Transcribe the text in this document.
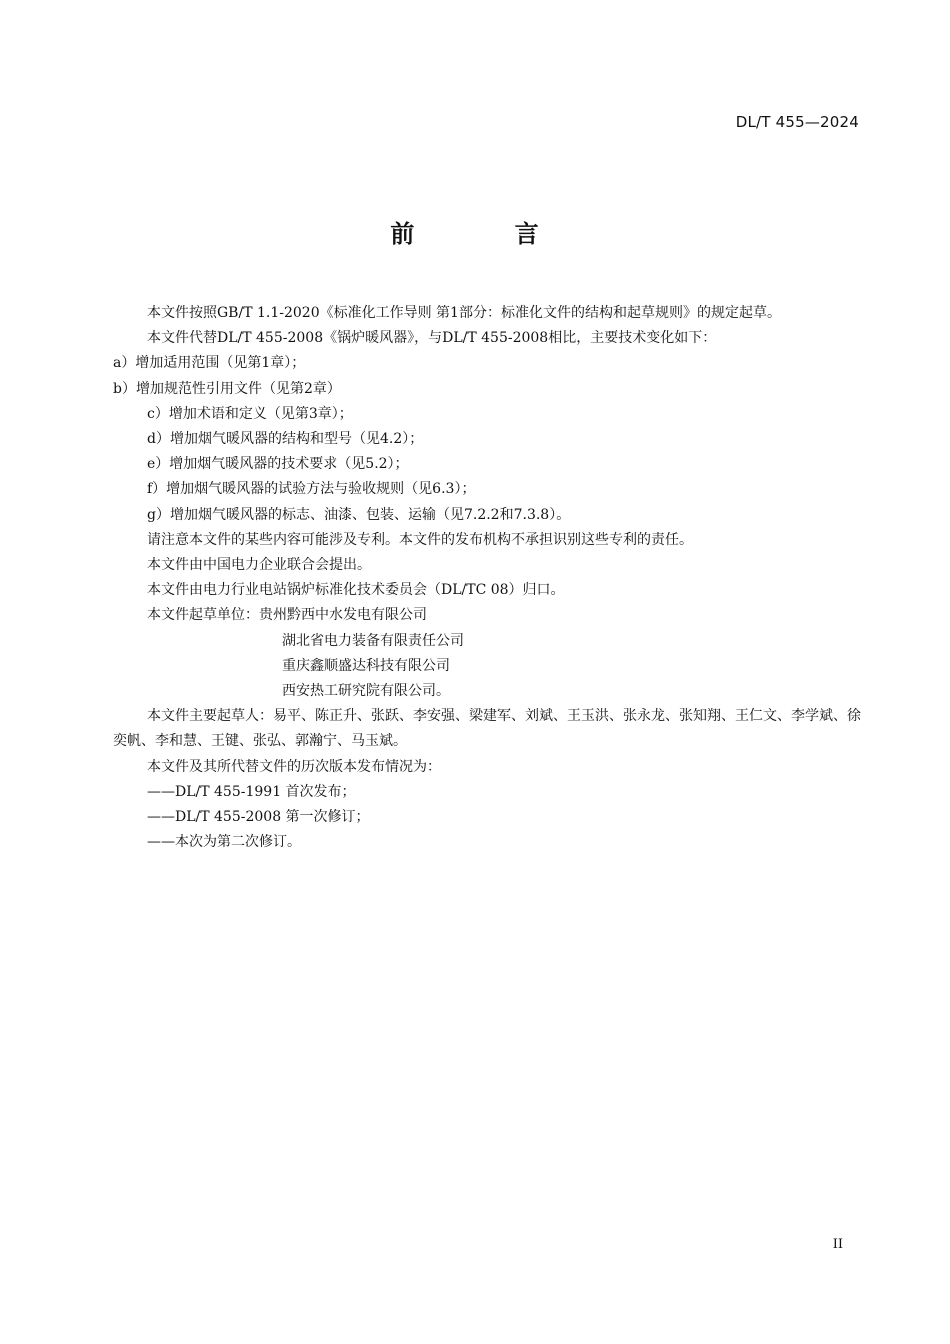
DL/T 455—2024
前 言

本文件按照GB/T 1.1-2020《标准化工作导则 第1部分：标准化文件的结构和起草规则》的规定起草。

本文件代替DL/T 455-2008《锅炉暖风器》，与DL/T 455-2008相比，主要技术变化如下：

a）增加适用范围（见第1章）；

b）增加规范性引用文件（见第2章）

c）增加术语和定义（见第3章）；

d）增加烟气暖风器的结构和型号（见4.2）；

e）增加烟气暖风器的技术要求（见5.2）；

f）增加烟气暖风器的试验方法与验收规则（见6.3）；

g）增加烟气暖风器的标志、油漆、包装、运输（见7.2.2和7.3.8）。

请注意本文件的某些内容可能涉及专利。本文件的发布机构不承担识别这些专利的责任。

本文件由中国电力企业联合会提出。

本文件由电力行业电站锅炉标准化技术委员会（DL/TC 08）归口。

本文件起草单位：贵州黔西中水发电有限公司

湖北省电力装备有限责任公司

重庆鑫顺盛达科技有限公司

西安热工研究院有限公司。

本文件主要起草人：易平、陈正升、张跃、李安强、梁建军、刘斌、王玉洪、张永龙、张知翔、王仁文、李学斌、徐奕帆、李和慧、王键、张弘、郭瀚宁、马玉斌。

本文件及其所代替文件的历次版本发布情况为：

——DL/T 455-1991 首次发布；

——DL/T 455-2008 第一次修订；

——本次为第二次修订。

II
